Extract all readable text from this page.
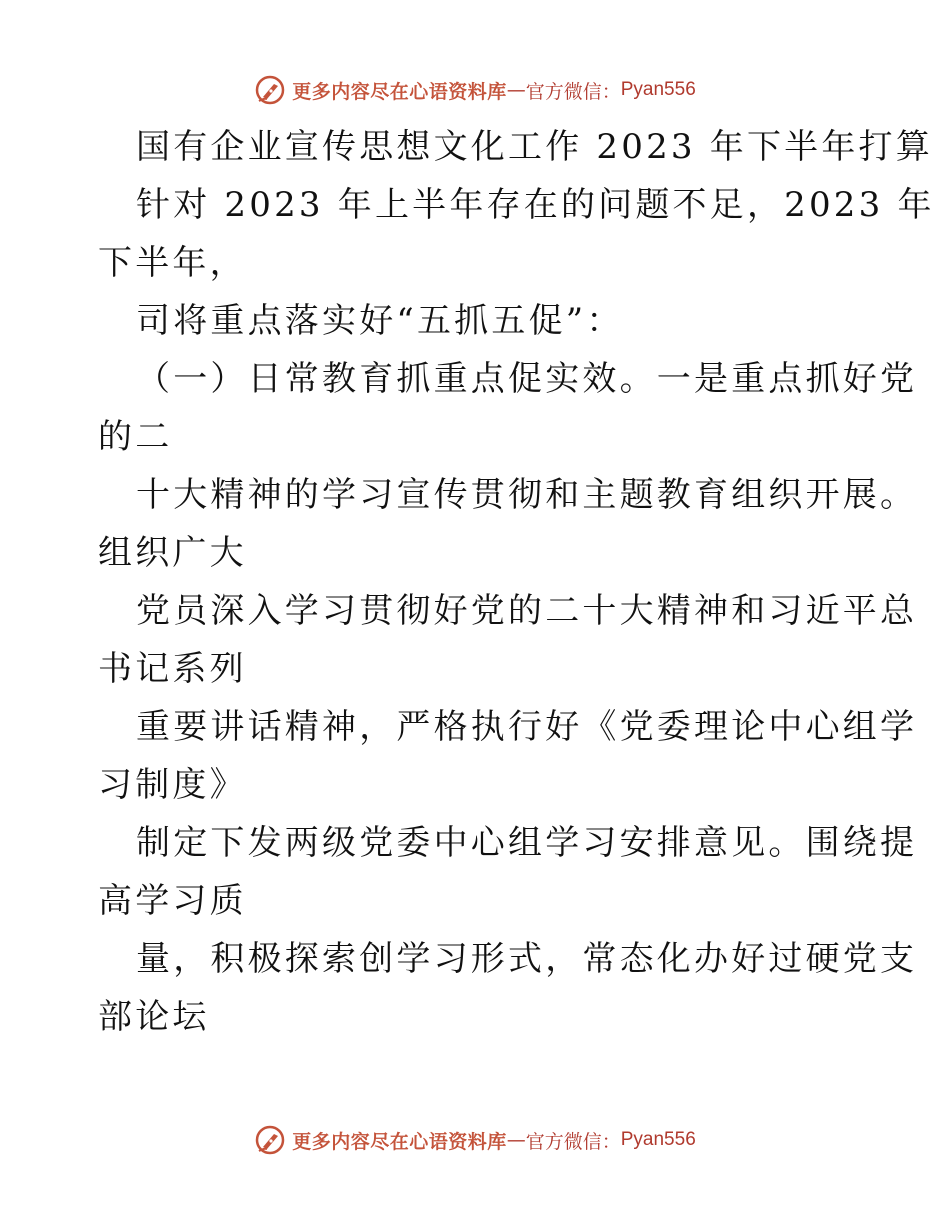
更多内容尽在心语资料库 — 官方微信： Pyan556
国有企业宣传思想文化工作 2023 年下半年打算
针对 2023 年上半年存在的问题不足，2023 年
下半年，
司将重点落实好“五抓五促”：
（一）日常教育抓重点促实效。一是重点抓好党
的二
十大精神的学习宣传贯彻和主题教育组织开展。
组织广大
党员深入学习贯彻好党的二十大精神和习近平总
书记系列
重要讲话精神，严格执行好《党委理论中心组学
习制度》
制定下发两级党委中心组学习安排意见。围绕提
高学习质
量，积极探索创学习形式，常态化办好过硬党支
部论坛
更多内容尽在心语资料库 — 官方微信： Pyan556
